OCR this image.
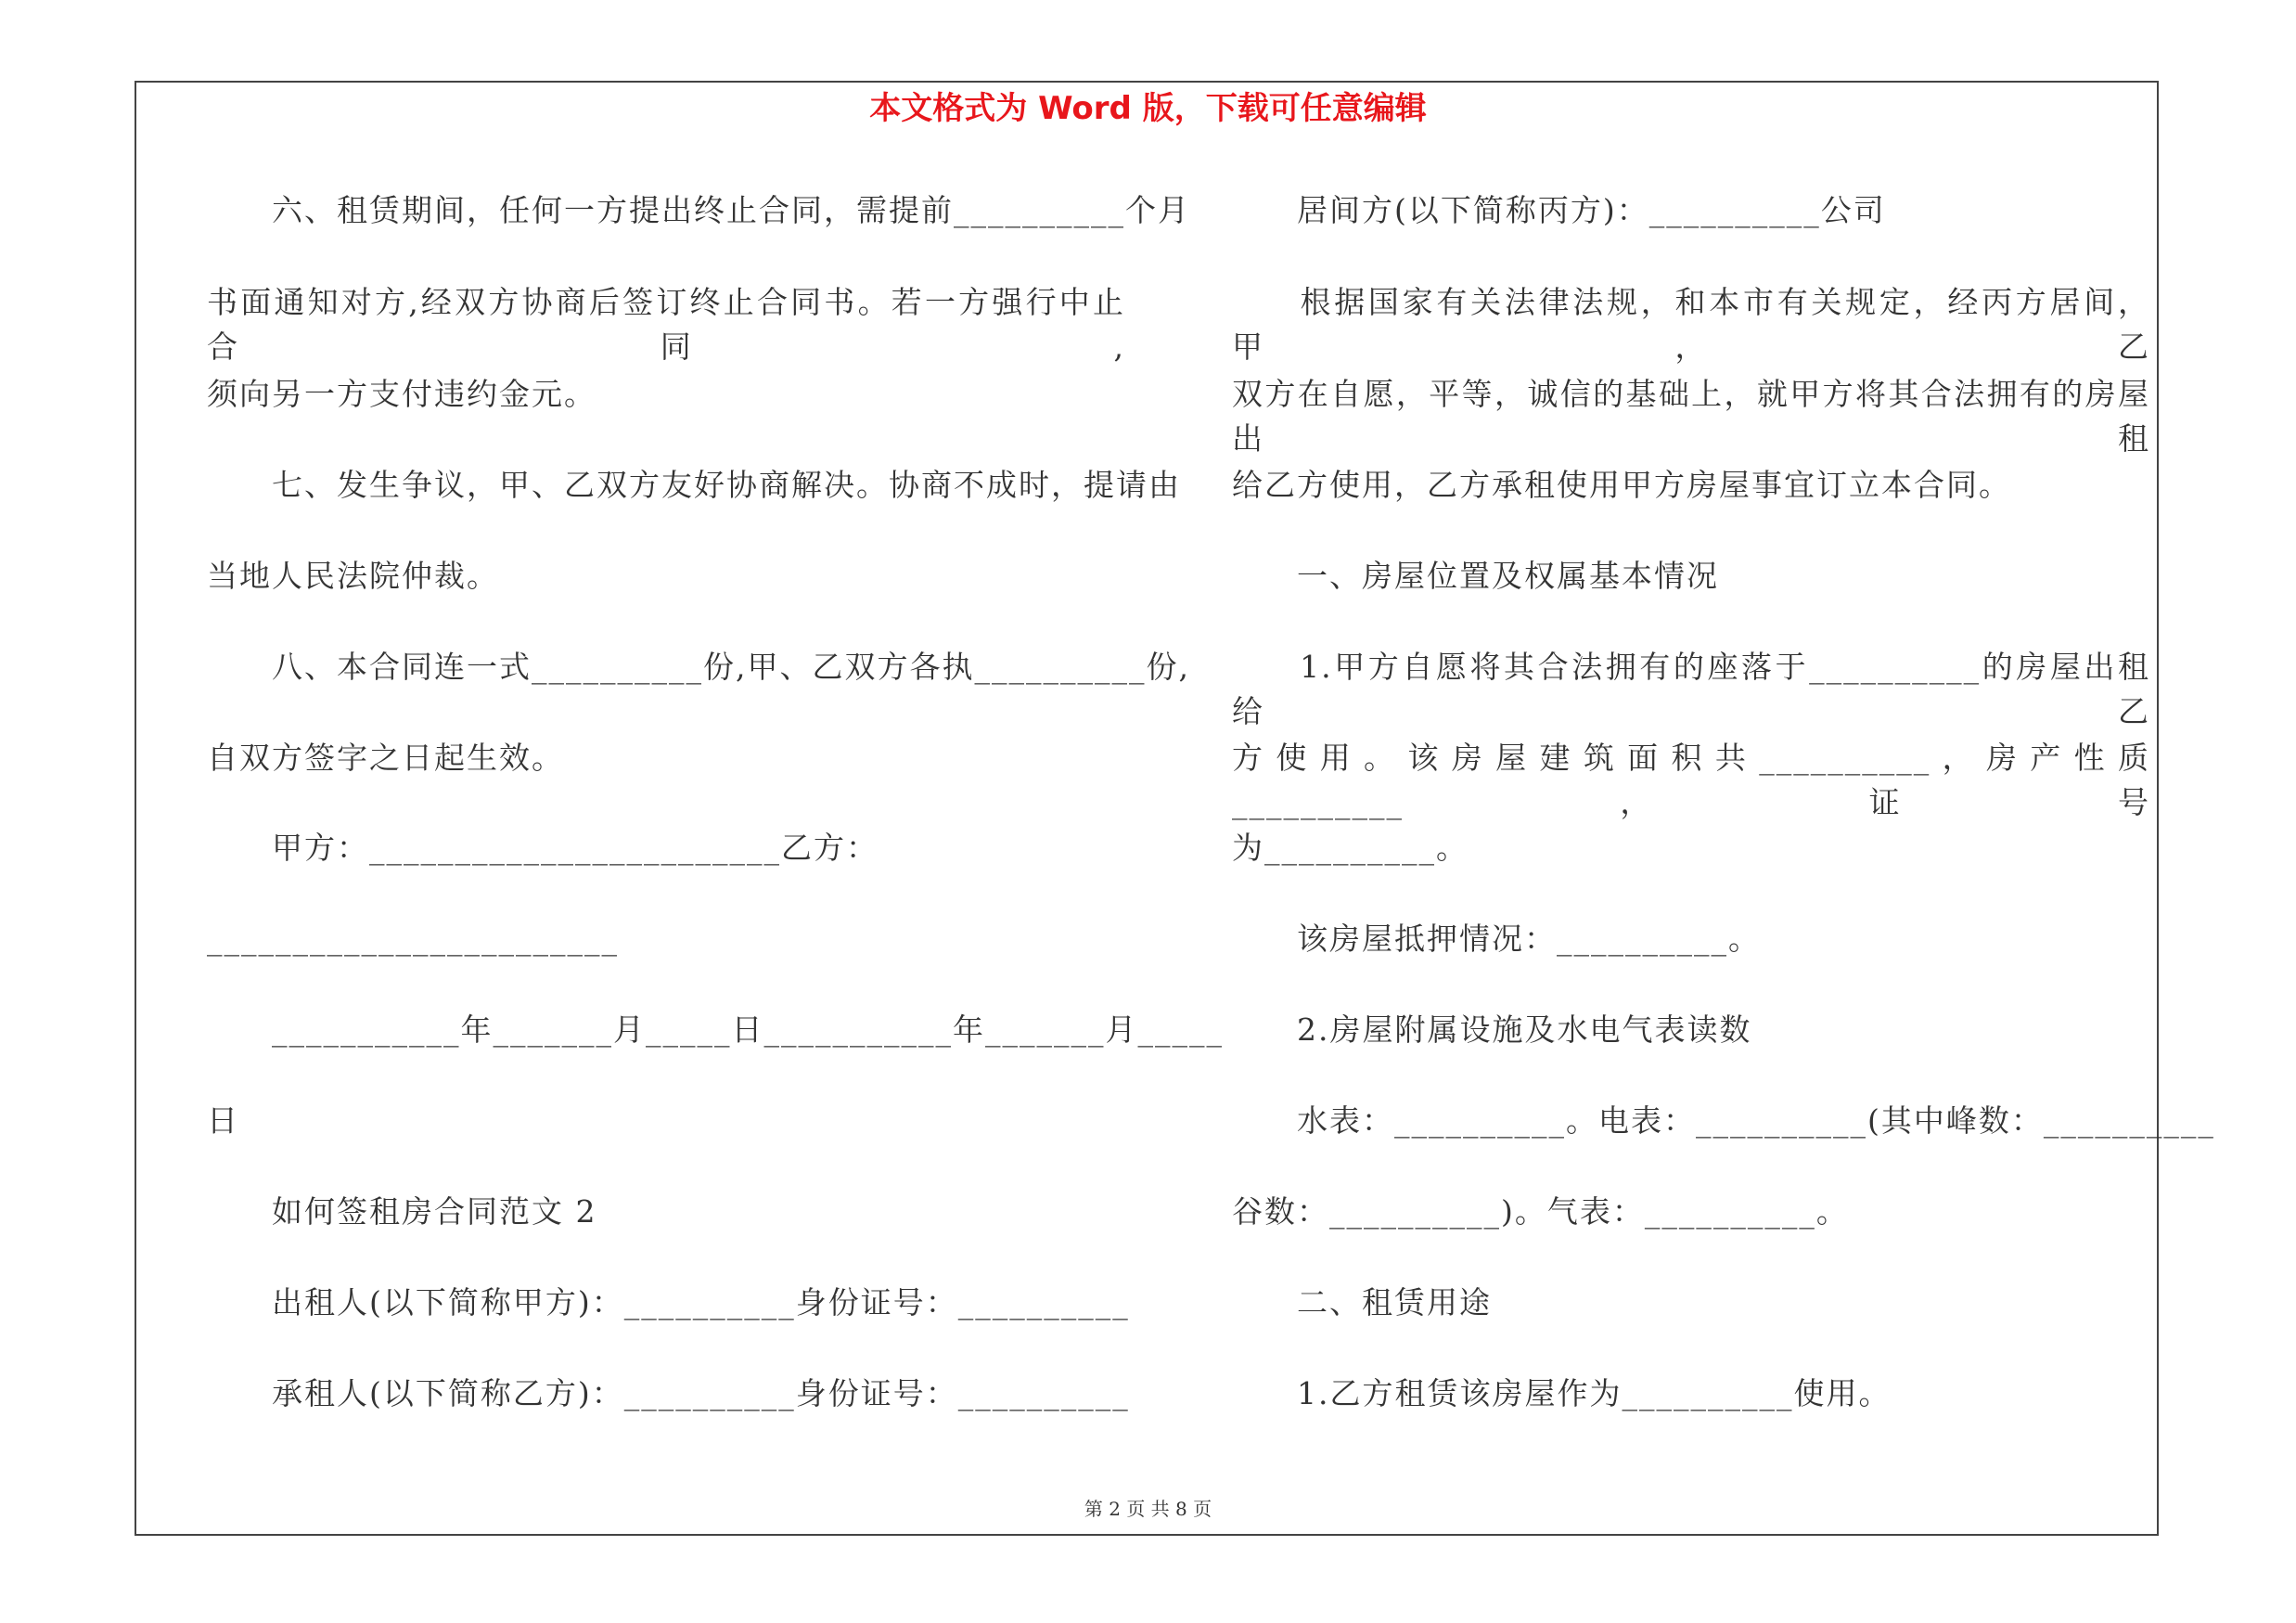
本文格式为 Word 版，下载可任意编辑
　　六、租赁期间，任何一方提出终止合同，需提前__________个月
书面通知对方,经双方协商后签订终止合同书。若一方强行中止合同,
须向另一方支付违约金元。
　　七、发生争议，甲、乙双方友好协商解决。协商不成时，提请由
当地人民法院仲裁。
　　八、本合同连一式__________份,甲、乙双方各执__________份,
自双方签字之日起生效。
　　甲方：________________________乙方：
________________________
　　___________年_______月_____日___________年_______月_____
日
　　如何签租房合同范文 2
　　出租人(以下简称甲方)：__________身份证号：__________
　　承租人(以下简称乙方)：__________身份证号：__________
　　居间方(以下简称丙方)：__________公司
　　根据国家有关法律法规，和本市有关规定，经丙方居间，甲，乙
双方在自愿，平等，诚信的基础上，就甲方将其合法拥有的房屋出租
给乙方使用，乙方承租使用甲方房屋事宜订立本合同。
　　一、房屋位置及权属基本情况
　　1.甲方自愿将其合法拥有的座落于__________的房屋出租给乙
方使用。该房屋建筑面积共__________，房产性质__________，证号
为__________。
　　该房屋抵押情况：__________。
　　2.房屋附属设施及水电气表读数
　　水表：__________。电表：__________(其中峰数：__________
谷数：__________)。气表：__________。
　　二、租赁用途
　　1.乙方租赁该房屋作为__________使用。
第 2 页 共 8 页
